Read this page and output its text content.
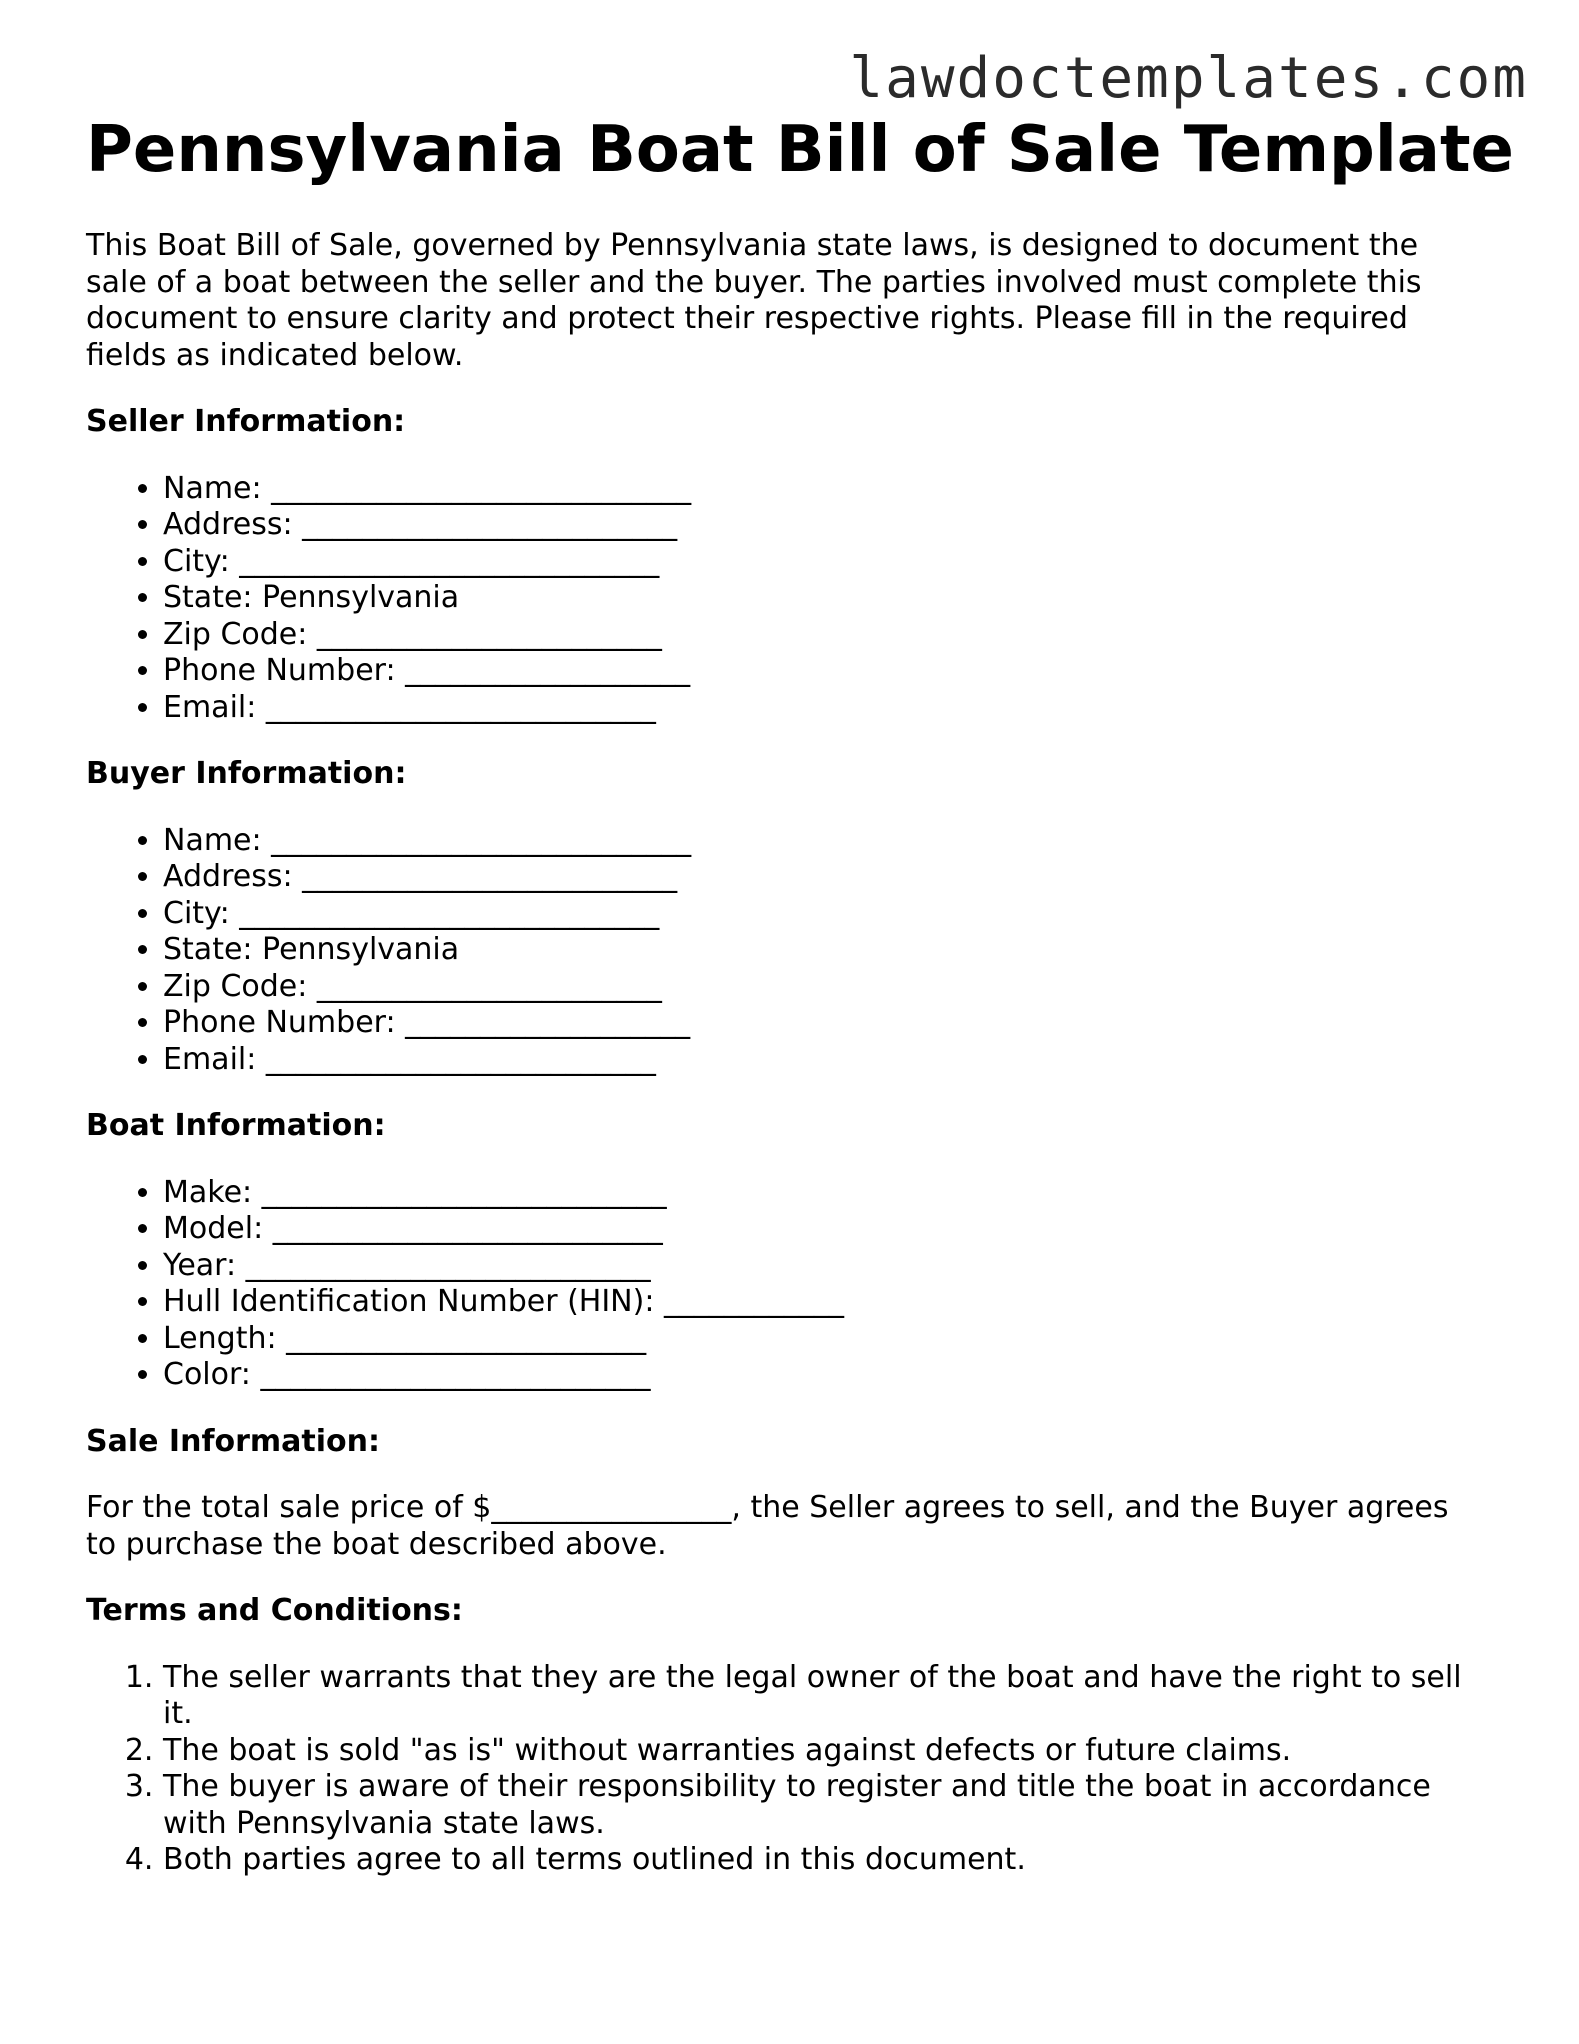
lawdoctemplates.com
Pennsylvania Boat Bill of Sale Template

This Boat Bill of Sale, governed by Pennsylvania state laws, is designed to document the sale of a boat between the seller and the buyer. The parties involved must complete this document to ensure clarity and protect their respective rights. Please fill in the required fields as indicated below.

Seller Information:
• Name: ____________________________
• Address: _________________________
• City: ____________________________
• State: Pennsylvania
• Zip Code: _______________________
• Phone Number: ___________________
• Email: __________________________
Buyer Information:
• Name: ____________________________
• Address: _________________________
• City: ____________________________
• State: Pennsylvania
• Zip Code: _______________________
• Phone Number: ___________________
• Email: __________________________
Boat Information:
• Make: ___________________________
• Model: __________________________
• Year: ___________________________
• Hull Identification Number (HIN): ____________
• Length: ________________________
• Color: __________________________
Sale Information:

For the total sale price of $________________, the Seller agrees to sell, and the Buyer agrees to purchase the boat described above.

Terms and Conditions:
1. The seller warrants that they are the legal owner of the boat and have the right to sell it.
2. The boat is sold "as is" without warranties against defects or future claims.
3. The buyer is aware of their responsibility to register and title the boat in accordance with Pennsylvania state laws.
4. Both parties agree to all terms outlined in this document.
